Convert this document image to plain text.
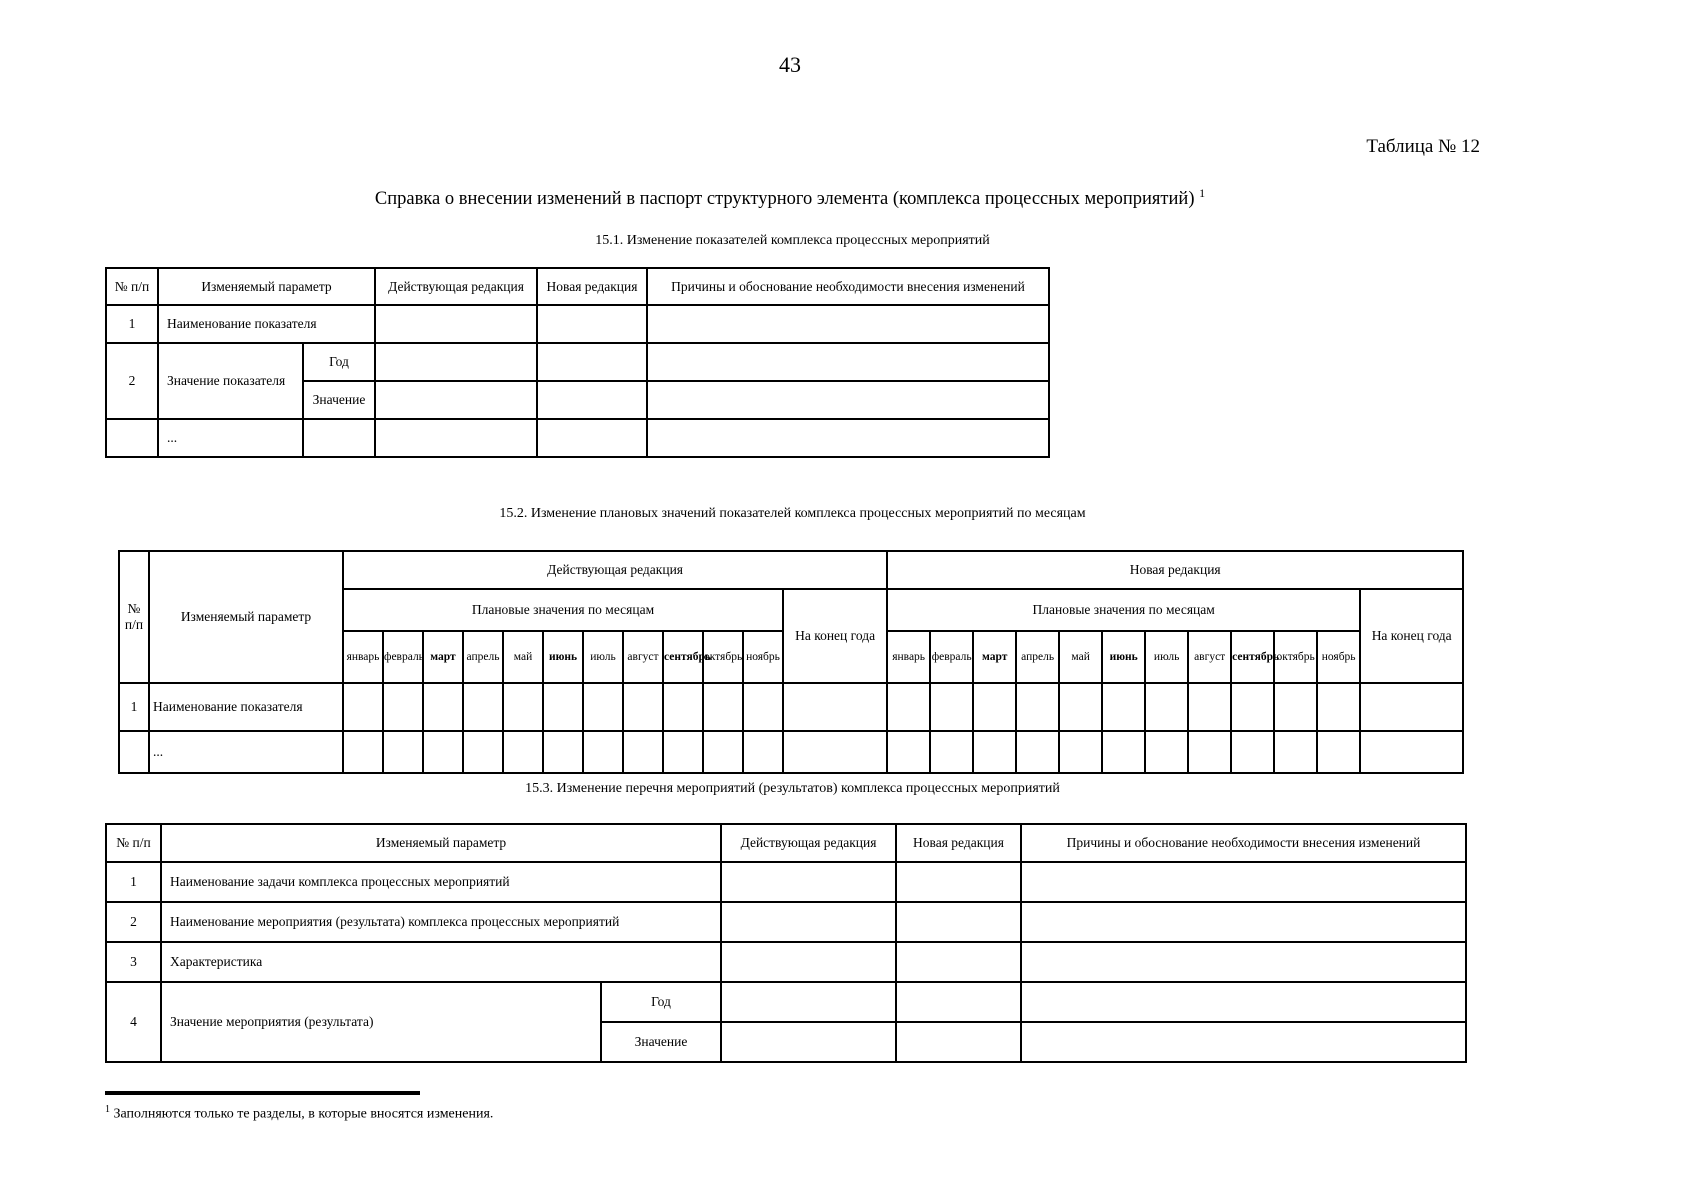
43
Таблица № 12
Справка о внесении изменений в паспорт структурного элемента (комплекса процессных мероприятий) $^1$
15.1. Изменение показателей комплекса процессных мероприятий
№ п/п	Изменяемый параметр		Действующая редакция	Новая редакция	Причины и обоснование необходимости внесения изменений
1	Наименование показателя				
2	Значение показателя	Год			
		Значение			
	...				
15.2. Изменение плановых значений показателей комплекса процессных мероприятий по месяцам
№ п/п	Изменяемый параметр	Действующая редакция												Новая редакция											
		Плановые значения по месяцам											На конец года	Плановые значения по месяцам											На конец года
		январь	февраль	март	апрель	май	июнь	июль	август	сентябрь	октябрь	ноябрь		январь	февраль	март	апрель	май	июнь	июль	август	сентябрь	октябрь	ноябрь	
1	Наименование показателя																								
	...																								
15.3. Изменение перечня мероприятий (результатов) комплекса процессных мероприятий
№ п/п	Изменяемый параметр		Действующая редакция	Новая редакция	Причины и обоснование необходимости внесения изменений
1	Наименование задачи комплекса процессных мероприятий				
2	Наименование мероприятия (результата) комплекса процессных мероприятий				
3	Характеристика				
4	Значение мероприятия (результата)	Год			
		Значение			
$^1$ Заполняются только те разделы, в которые вносятся изменения.
